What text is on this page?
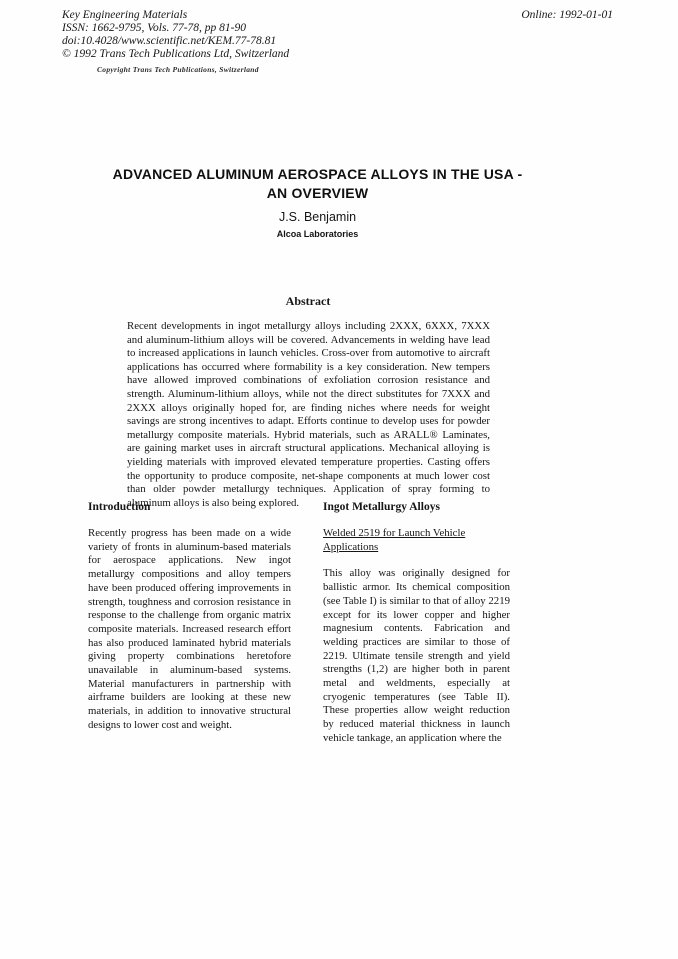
Key Engineering Materials
ISSN: 1662-9795, Vols. 77-78, pp 81-90
doi:10.4028/www.scientific.net/KEM.77-78.81
© 1992 Trans Tech Publications Ltd, Switzerland
Copyright Trans Tech Publications, Switzerland
Online: 1992-01-01
ADVANCED ALUMINUM AEROSPACE ALLOYS IN THE USA -
AN OVERVIEW
J.S. Benjamin
Alcoa Laboratories
Abstract

Recent developments in ingot metallurgy alloys including 2XXX, 6XXX, 7XXX and aluminum-lithium alloys will be covered. Advancements in welding have lead to increased applications in launch vehicles. Cross-over from automotive to aircraft applications has occurred where formability is a key consideration. New tempers have allowed improved combinations of exfoliation corrosion resistance and strength. Aluminum-lithium alloys, while not the direct substitutes for 7XXX and 2XXX alloys originally hoped for, are finding niches where needs for weight savings are strong incentives to adapt. Efforts continue to develop uses for powder metallurgy composite materials. Hybrid materials, such as ARALL® Laminates, are gaining market uses in aircraft structural applications. Mechanical alloying is yielding materials with improved elevated temperature properties. Casting offers the opportunity to produce composite, net-shape components at much lower cost than older powder metallurgy techniques. Application of spray forming to aluminum alloys is also being explored.

Introduction

Recently progress has been made on a wide variety of fronts in aluminum-based materials for aerospace applications. New ingot metallurgy compositions and alloy tempers have been produced offering improvements in strength, toughness and corrosion resistance in response to the challenge from organic matrix composite materials. Increased research effort has also produced laminated hybrid materials giving property combinations heretofore unavailable in aluminum-based systems. Material manufacturers in partnership with airframe builders are looking at these new materials, in addition to innovative structural designs to lower cost and weight.

Ingot Metallurgy Alloys
Welded 2519 for Launch Vehicle Applications

This alloy was originally designed for ballistic armor. Its chemical composition (see Table I) is similar to that of alloy 2219 except for its lower copper and higher magnesium contents. Fabrication and welding practices are similar to those of 2219. Ultimate tensile strength and yield strengths (1,2) are higher both in parent metal and weldments, especially at cryogenic temperatures (see Table II). These properties allow weight reduction by reduced material thickness in launch vehicle tankage, an application where the
